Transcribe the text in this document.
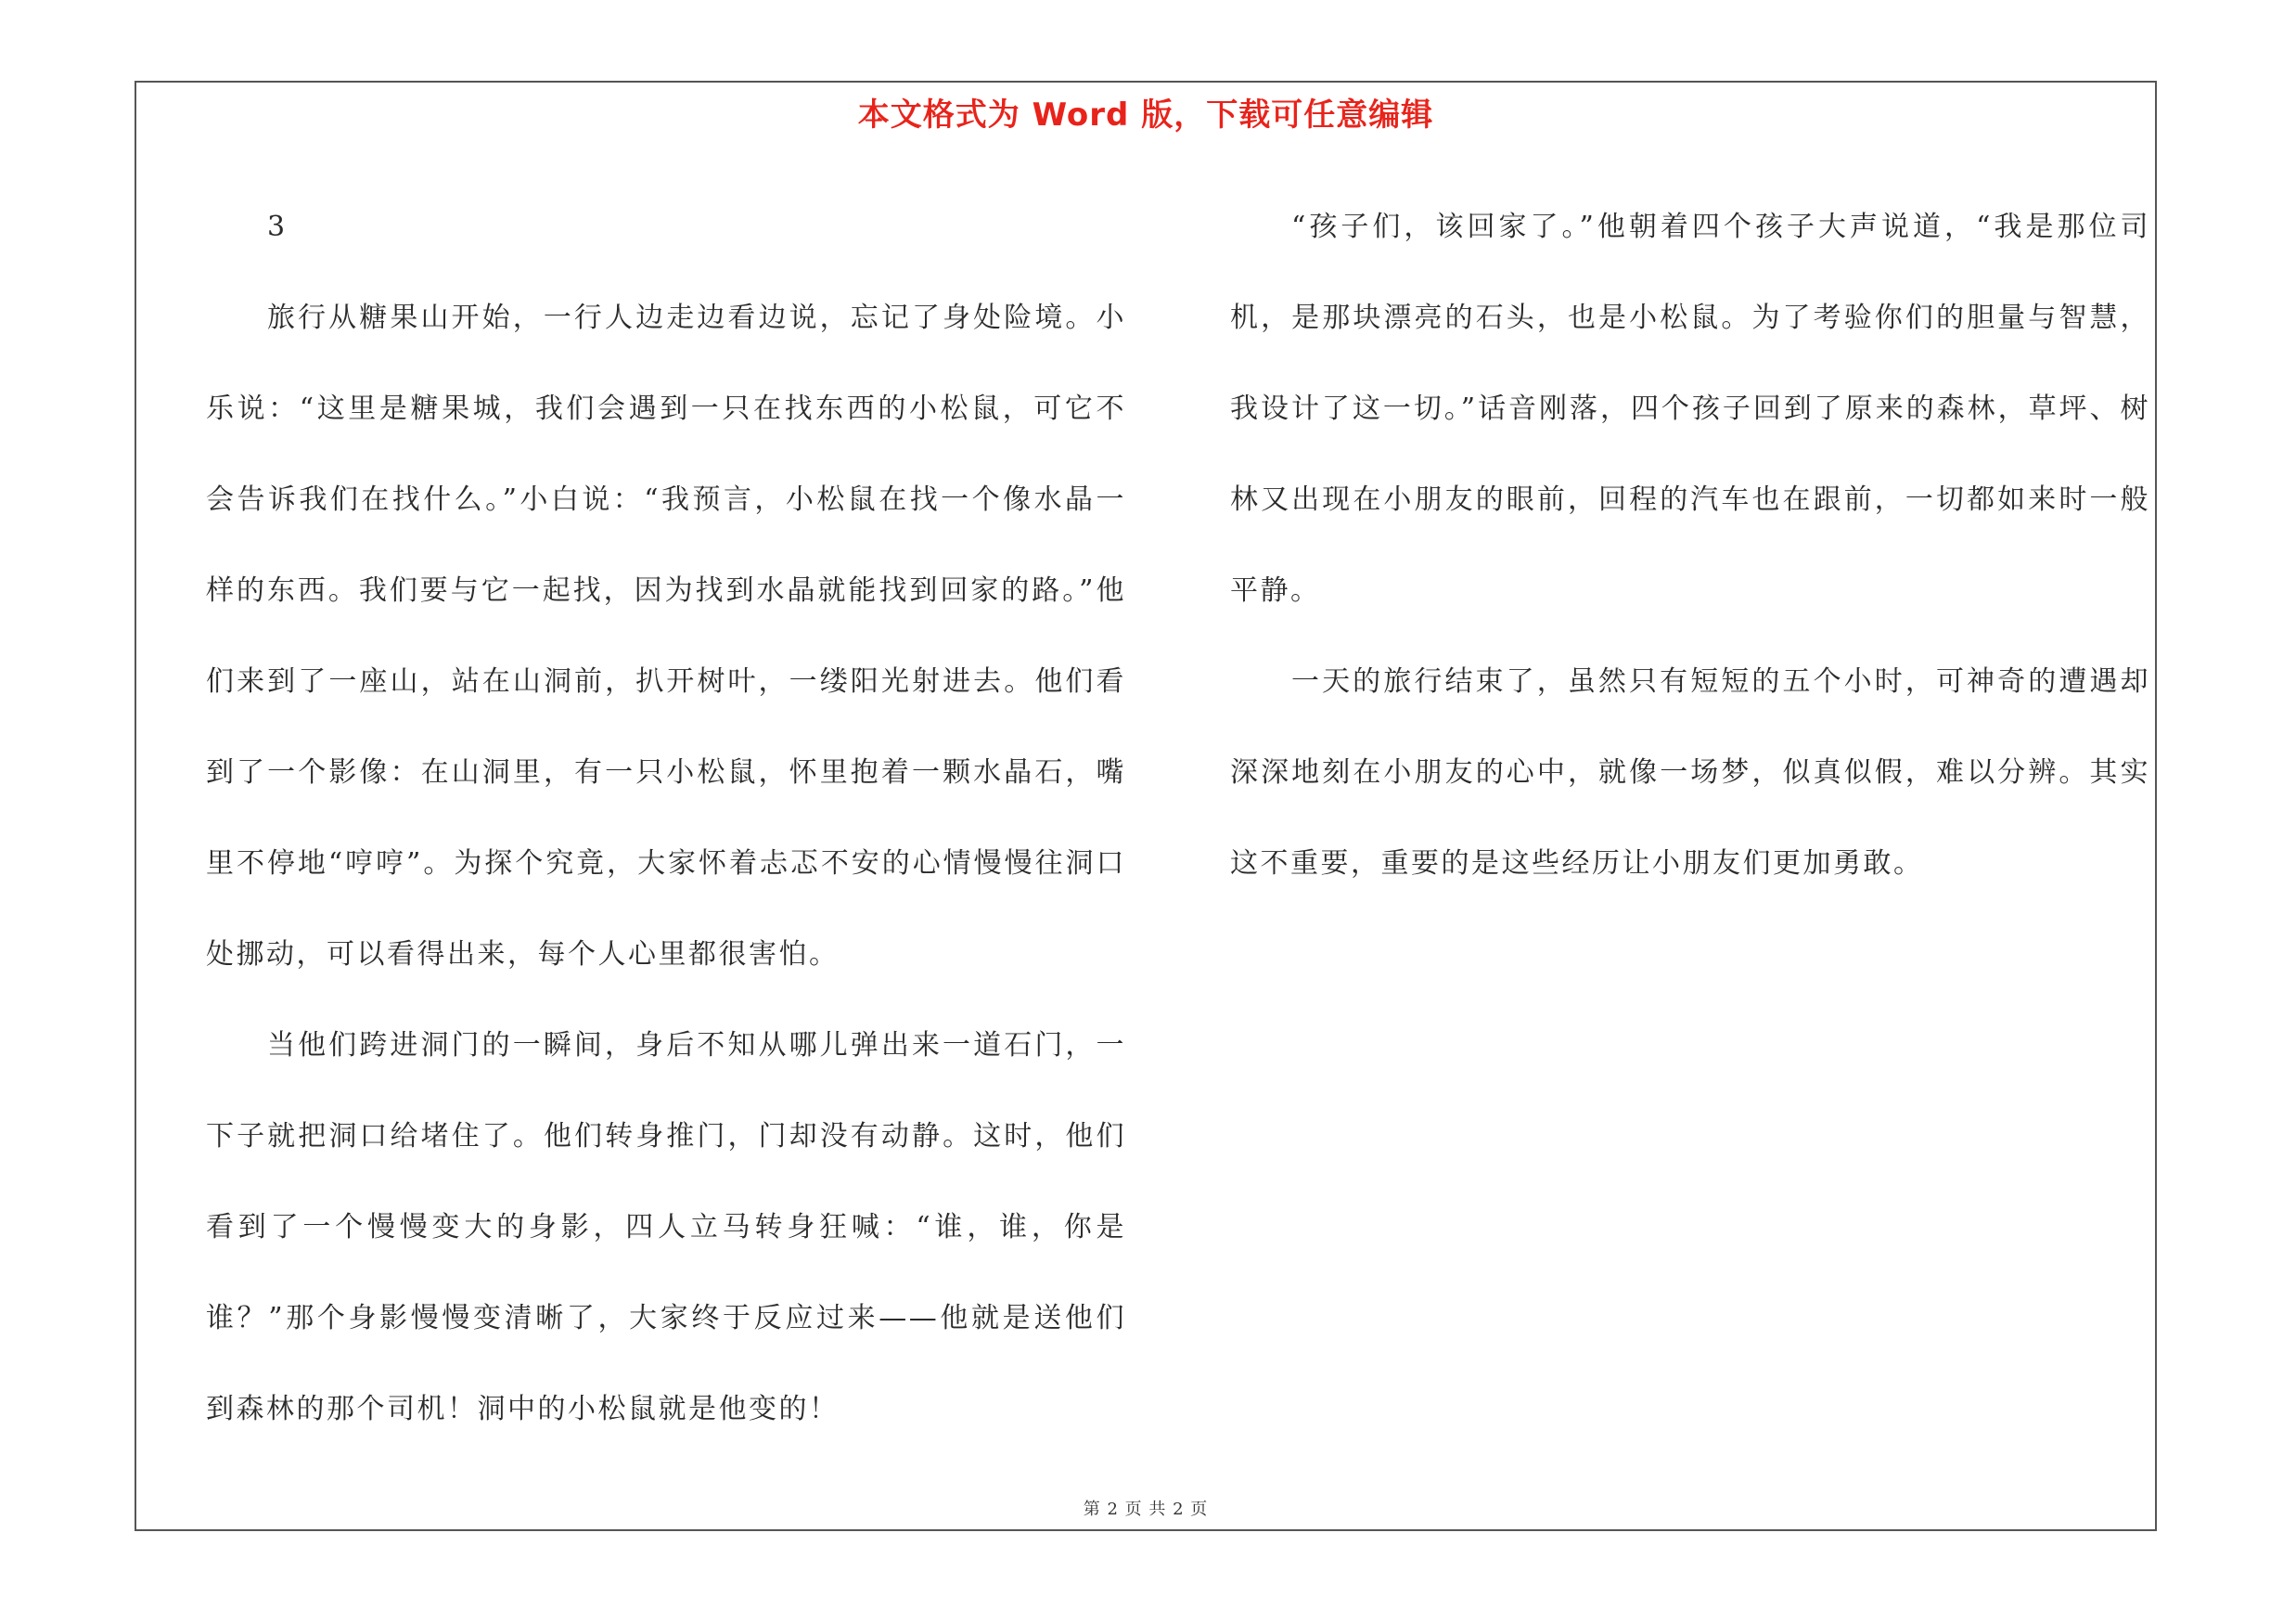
本文格式为 Word 版，下载可任意编辑

3

旅行从糖果山开始，一行人边走边看边说，忘记了身处险境。小乐说：“这里是糖果城，我们会遇到一只在找东西的小松鼠，可它不会告诉我们在找什么。”小白说：“我预言，小松鼠在找一个像水晶一样的东西。我们要与它一起找，因为找到水晶就能找到回家的路。”他们来到了一座山，站在山洞前，扒开树叶，一缕阳光射进去。他们看到了一个影像：在山洞里，有一只小松鼠，怀里抱着一颗水晶石，嘴里不停地“哼哼”。为探个究竟，大家怀着忐忑不安的心情慢慢往洞口处挪动，可以看得出来，每个人心里都很害怕。

当他们跨进洞门的一瞬间，身后不知从哪儿弹出来一道石门，一下子就把洞口给堵住了。他们转身推门，门却没有动静。这时，他们看到了一个慢慢变大的身影，四人立马转身狂喊：“谁，谁，你是谁？”那个身影慢慢变清晰了，大家终于反应过来——他就是送他们到森林的那个司机！洞中的小松鼠就是他变的！

“孩子们，该回家了。”他朝着四个孩子大声说道，“我是那位司机，是那块漂亮的石头，也是小松鼠。为了考验你们的胆量与智慧，我设计了这一切。”话音刚落，四个孩子回到了原来的森林，草坪、树林又出现在小朋友的眼前，回程的汽车也在跟前，一切都如来时一般平静。

一天的旅行结束了，虽然只有短短的五个小时，可神奇的遭遇却深深地刻在小朋友的心中，就像一场梦，似真似假，难以分辨。其实这不重要，重要的是这些经历让小朋友们更加勇敢。

第 2 页 共 2 页
